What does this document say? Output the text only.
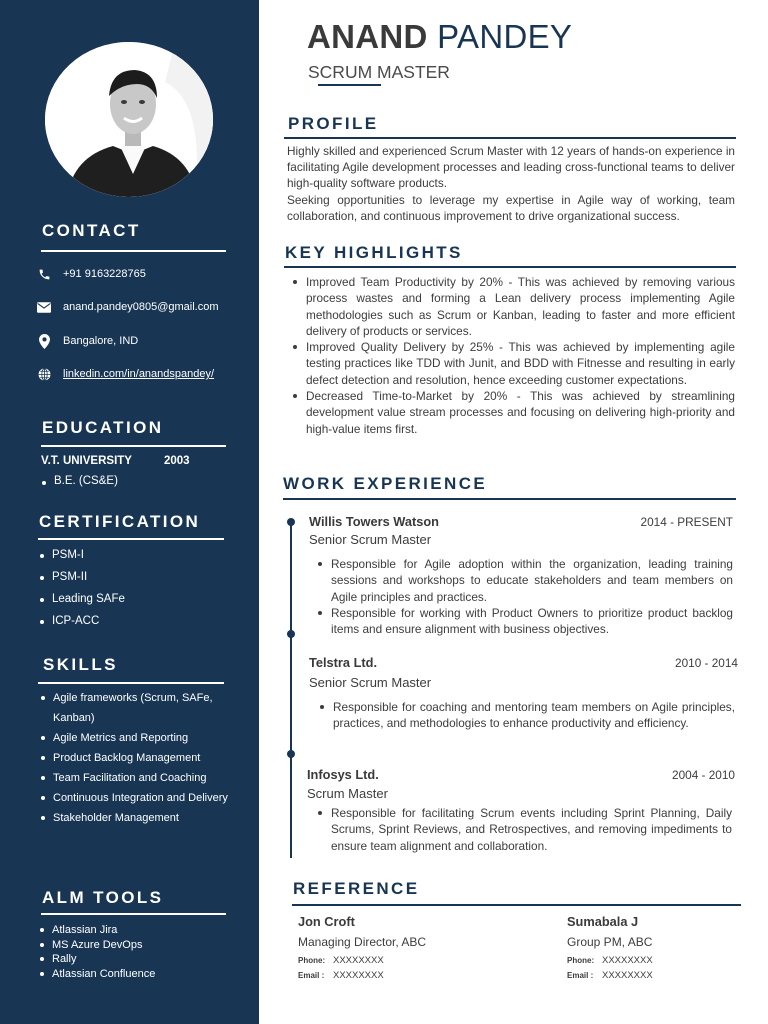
CONTACT
+91 9163228765
anand.pandey0805@gmail.com
Bangalore, IND
linkedin.com/in/anandspandey/
EDUCATION
V.T. UNIVERSITY	2003
B.E. (CS&E)
CERTIFICATION
PSM-I
PSM-II
Leading SAFe
ICP-ACC
SKILLS
Agile frameworks (Scrum, SAFe, Kanban)
Agile Metrics and Reporting
Product Backlog Management
Team Facilitation and Coaching
Continuous Integration and Delivery
Stakeholder Management
ALM TOOLS
Atlassian Jira
MS Azure DevOps
Rally
Atlassian Confluence
ANAND PANDEY
SCRUM MASTER
PROFILE

Highly skilled and experienced Scrum Master with 12 years of hands-on experience in facilitating Agile development processes and leading cross-functional teams to deliver high-quality software products.

Seeking opportunities to leverage my expertise in Agile way of working, team collaboration, and continuous improvement to drive organizational success.

KEY HIGHLIGHTS
Improved Team Productivity by 20% - This was achieved by removing various process wastes and forming a Lean delivery process implementing Agile methodologies such as Scrum or Kanban, leading to faster and more efficient delivery of products or services.
Improved Quality Delivery by 25% - This was achieved by implementing agile testing practices like TDD with Junit, and BDD with Fitnesse and resulting in early defect detection and resolution, hence exceeding customer expectations.
Decreased Time-to-Market by 20% - This was achieved by streamlining development value stream processes and focusing on delivering high-priority and high-value items first.
WORK EXPERIENCE
Willis Towers Watson	2014 - PRESENT
Senior Scrum Master
Responsible for Agile adoption within the organization, leading training sessions and workshops to educate stakeholders and team members on Agile principles and practices.
Responsible for working with Product Owners to prioritize product backlog items and ensure alignment with business objectives.
Telstra Ltd.	2010 - 2014
Senior Scrum Master
Responsible for coaching and mentoring team members on Agile principles, practices, and methodologies to enhance productivity and efficiency.
Infosys Ltd.	2004 - 2010
Scrum Master
Responsible for facilitating Scrum events including Sprint Planning, Daily Scrums, Sprint Reviews, and Retrospectives, and removing impediments to ensure team alignment and collaboration.
REFERENCE
Jon Croft
Managing Director, ABC
Phone: XXXXXXXX
Email : XXXXXXXX
Sumabala J
Group PM, ABC
Phone: XXXXXXXX
Email : XXXXXXXX
